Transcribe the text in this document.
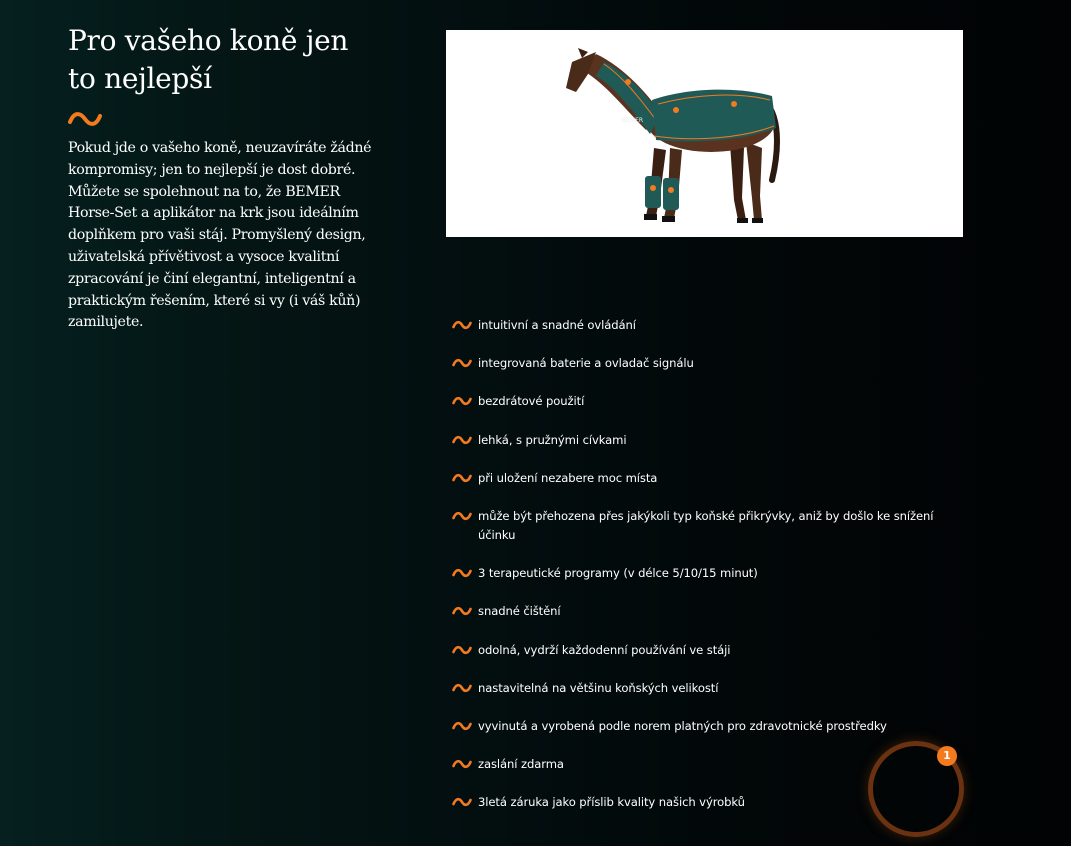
Pro vašeho koně jen to nejlepší

Pokud jde o vašeho koně, neuzavíráte žádné kompromisy; jen to nejlepší je dost dobré. Můžete se spolehnout na to, že BEMER Horse-Set a aplikátor na krk jsou ideálním doplňkem pro vaši stáj. Promyšlený design, uživatelská přívětivost a vysoce kvalitní zpracování je činí elegantní, inteligentní a praktickým řešením, které si vy (i váš kůň) zamilujete.

BEMER
intuitivní a snadné ovládání
integrovaná baterie a ovladač signálu
bezdrátové použití
lehká, s pružnými cívkami
při uložení nezabere moc místa
může být přehozena přes jakýkoli typ koňské přikrývky, aniž by došlo ke snížení účinku
3 terapeutické programy (v délce 5/10/15 minut)
snadné čištění
odolná, vydrží každodenní používání ve stáji
nastavitelná na většinu koňských velikostí
vyvinutá a vyrobená podle norem platných pro zdravotnické prostředky
zaslání zdarma
3letá záruka jako příslib kvality našich výrobků
1
